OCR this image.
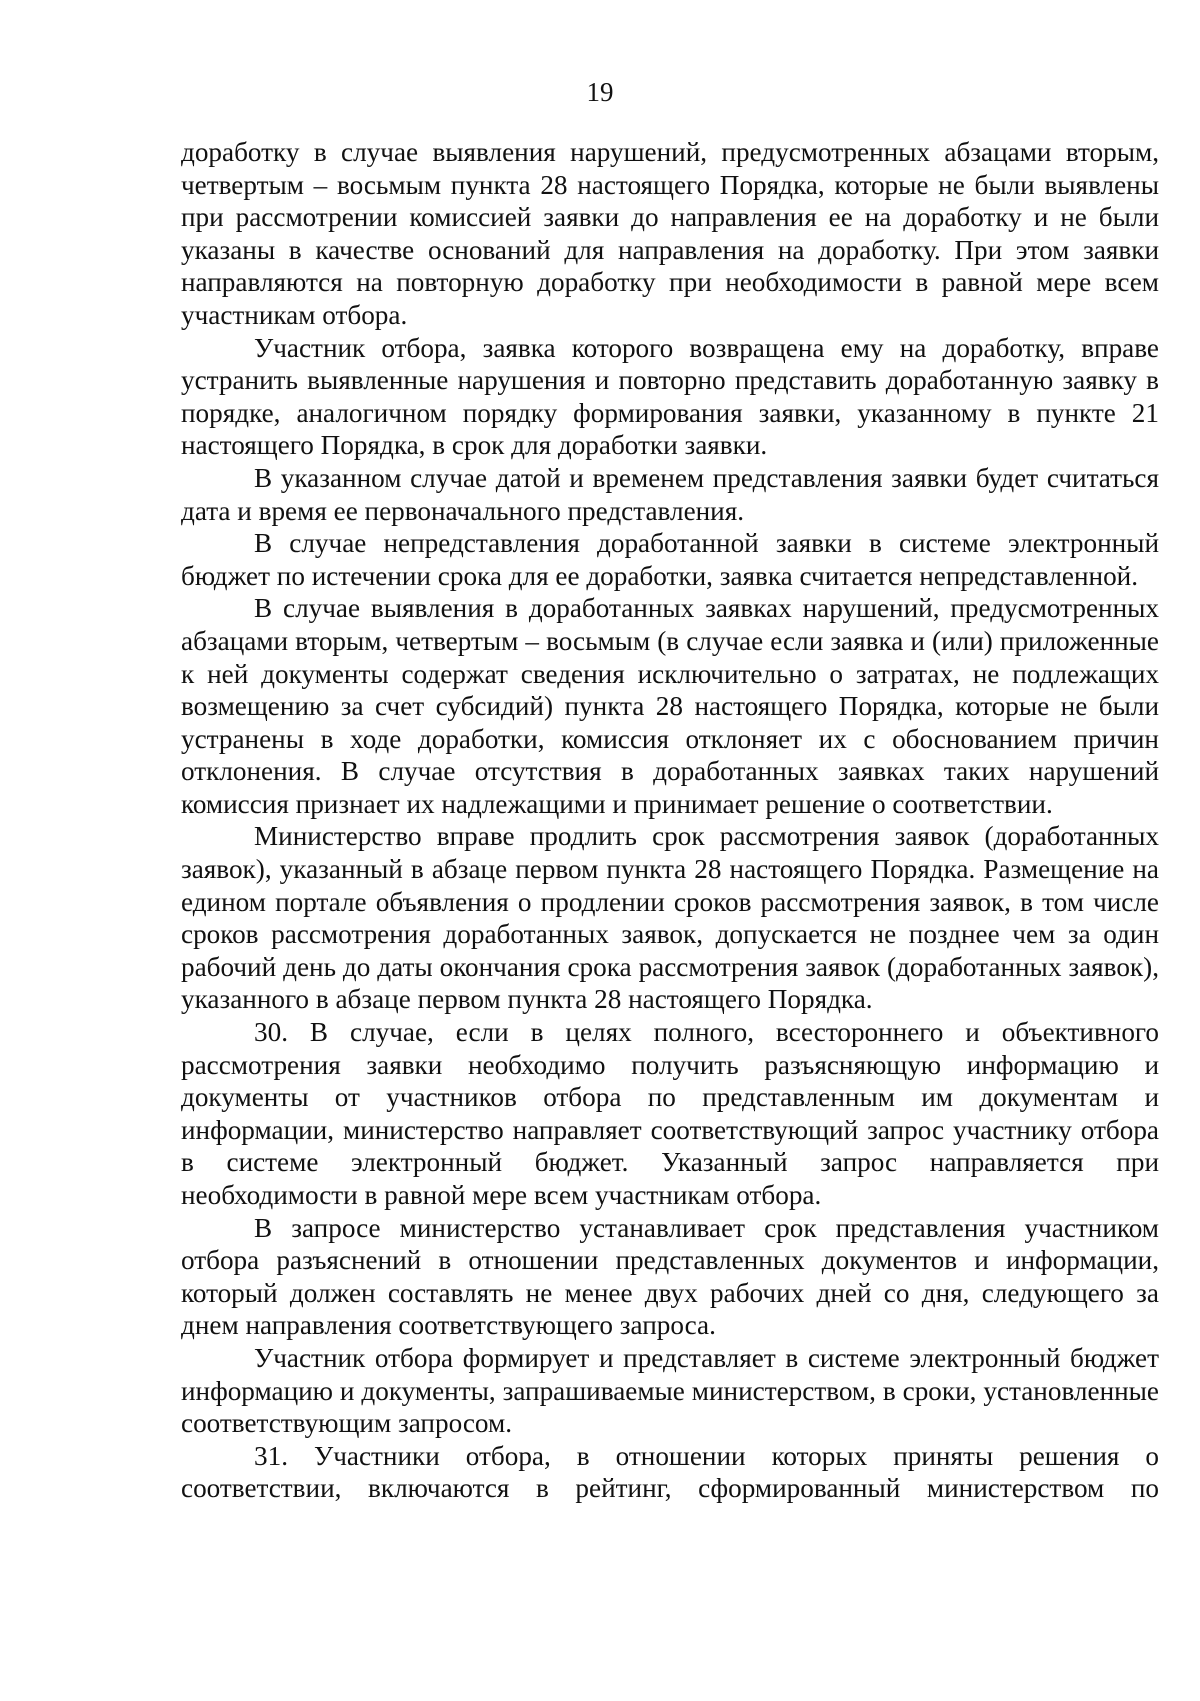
19

доработку в случае выявления нарушений, предусмотренных абзацами вторым, четвертым – восьмым пункта 28 настоящего Порядка, которые не были выявлены при рассмотрении комиссией заявки до направления ее на доработку и не были указаны в качестве оснований для направления на доработку. При этом заявки направляются на повторную доработку при необходимости в равной мере всем участникам отбора.

Участник отбора, заявка которого возвращена ему на доработку, вправе устранить выявленные нарушения и повторно представить доработанную заявку в порядке, аналогичном порядку формирования заявки, указанному в пункте 21 настоящего Порядка, в срок для доработки заявки.

В указанном случае датой и временем представления заявки будет считаться дата и время ее первоначального представления.

В случае непредставления доработанной заявки в системе электронный бюджет по истечении срока для ее доработки, заявка считается непредставленной.

В случае выявления в доработанных заявках нарушений, предусмотренных абзацами вторым, четвертым – восьмым (в случае если заявка и (или) приложенные к ней документы содержат сведения исключительно о затратах, не подлежащих возмещению за счет субсидий) пункта 28 настоящего Порядка, которые не были устранены в ходе доработки, комиссия отклоняет их с обоснованием причин отклонения. В случае отсутствия в доработанных заявках таких нарушений комиссия признает их надлежащими и принимает решение о соответствии.

Министерство вправе продлить срок рассмотрения заявок (доработанных заявок), указанный в абзаце первом пункта 28 настоящего Порядка. Размещение на едином портале объявления о продлении сроков рассмотрения заявок, в том числе сроков рассмотрения доработанных заявок, допускается не позднее чем за один рабочий день до даты окончания срока рассмотрения заявок (доработанных заявок), указанного в абзаце первом пункта 28 настоящего Порядка.

30. В случае, если в целях полного, всестороннего и объективного рассмотрения заявки необходимо получить разъясняющую информацию и документы от участников отбора по представленным им документам и информации, министерство направляет соответствующий запрос участнику отбора в системе электронный бюджет. Указанный запрос направляется при необходимости в равной мере всем участникам отбора.

В запросе министерство устанавливает срок представления участником отбора разъяснений в отношении представленных документов и информации, который должен составлять не менее двух рабочих дней со дня, следующего за днем направления соответствующего запроса.

Участник отбора формирует и представляет в системе электронный бюджет информацию и документы, запрашиваемые министерством, в сроки, установленные соответствующим запросом.

31. Участники отбора, в отношении которых приняты решения о соответствии, включаются в рейтинг, сформированный министерством по
